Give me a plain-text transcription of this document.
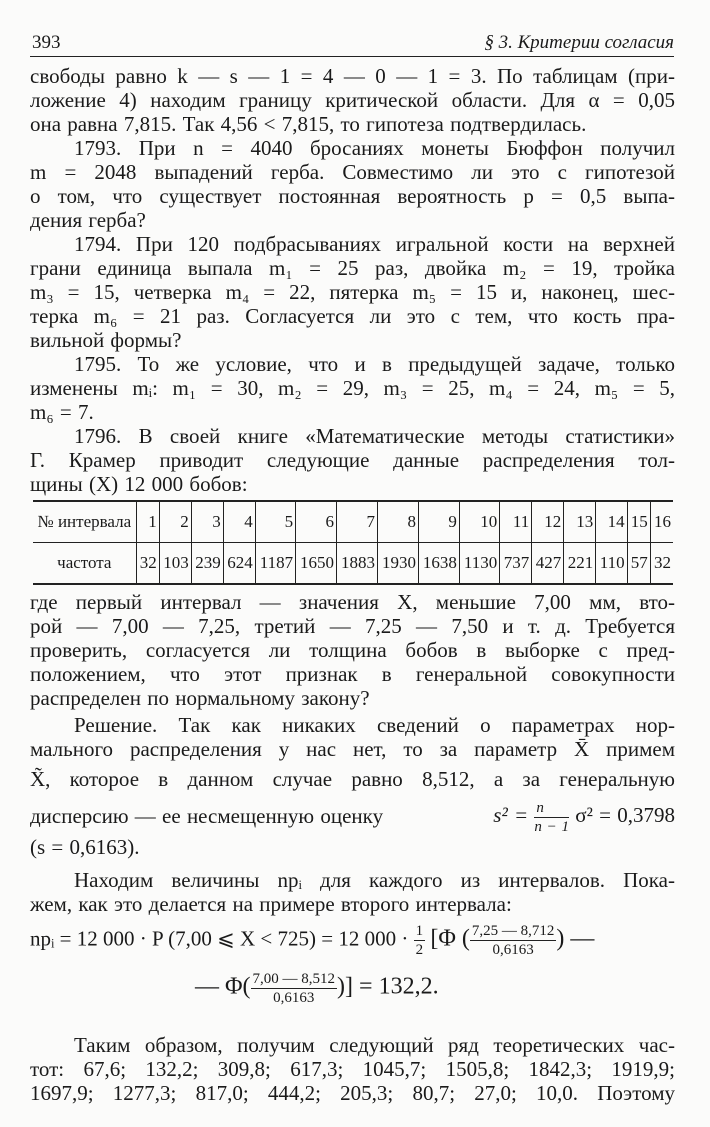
393	§ 3. Критерии согласия
свободы равно k — s — 1 = 4 — 0 — 1 = 3. По таблицам (при-
ложение 4) находим границу критической области. Для α = 0,05
она равна 7,815. Так 4,56 < 7,815, то гипотеза подтвердилась.
1793. При n = 4040 бросаниях монеты Бюффон получил
m = 2048 выпадений герба. Совместимо ли это с гипотезой
о том, что существует постоянная вероятность p = 0,5 выпа-
дения герба?
1794. При 120 подбрасываниях игральной кости на верхней
грани единица выпала m₁ = 25 раз, двойка m₂ = 19, тройка
m₃ = 15, четверка m₄ = 22, пятерка m₅ = 15 и, наконец, шес-
терка m₆ = 21 раз. Согласуется ли это с тем, что кость пра-
вильной формы?
1795. То же условие, что и в предыдущей задаче, только
изменены mᵢ: m₁ = 30, m₂ = 29, m₃ = 25, m₄ = 24, m₅ = 5,
m₆ = 7.
1796. В своей книге «Математические методы статистики»
Г. Крамер приводит следующие данные распределения тол-
щины (X) 12 000 бобов:
№ интервала	1	2	3	4	5	6	7	8	9	10	11	12	13	14	15	16
частота	32	103	239	624	1187	1650	1883	1930	1638	1130	737	427	221	110	57	32
где первый интервал — значения X, меньшие 7,00 мм, вто-
рой — 7,00 — 7,25, третий — 7,25 — 7,50 и т. д. Требуется
проверить, согласуется ли толщина бобов в выборке с пред-
положением, что этот признак в генеральной совокупности
распределен по нормальному закону?
Решение. Так как никаких сведений о параметрах нор-
мального распределения у нас нет, то за параметр X̄ примем
X̃, которое в данном случае равно 8,512, а за генеральную
дисперсию — ее несмещенную оценку	$s^2 = \frac{n}{n - 1} \sigma^2 = 0,3798$
(s = 0,6163).
Находим величины npᵢ для каждого из интервалов. Пока-
жем, как это делается на примере второго интервала:
npᵢ = 12 000 · P (7,00 ⩽ X < 725) = 12 $000 \cdot \frac{1}{2} [\Phi$ ( $\frac{7,25 — 8,712}{0,6163}$) —
— $\Phi( \frac{7,00 — 8,512}{0,6163})] = 132,2$.
Таким образом, получим следующий ряд теоретических час-
тот: 67,6; 132,2; 309,8; 617,3; 1045,7; 1505,8; 1842,3; 1919,9;
1697,9; 1277,3; 817,0; 444,2; 205,3; 80,7; 27,0; 10,0. Поэтому
